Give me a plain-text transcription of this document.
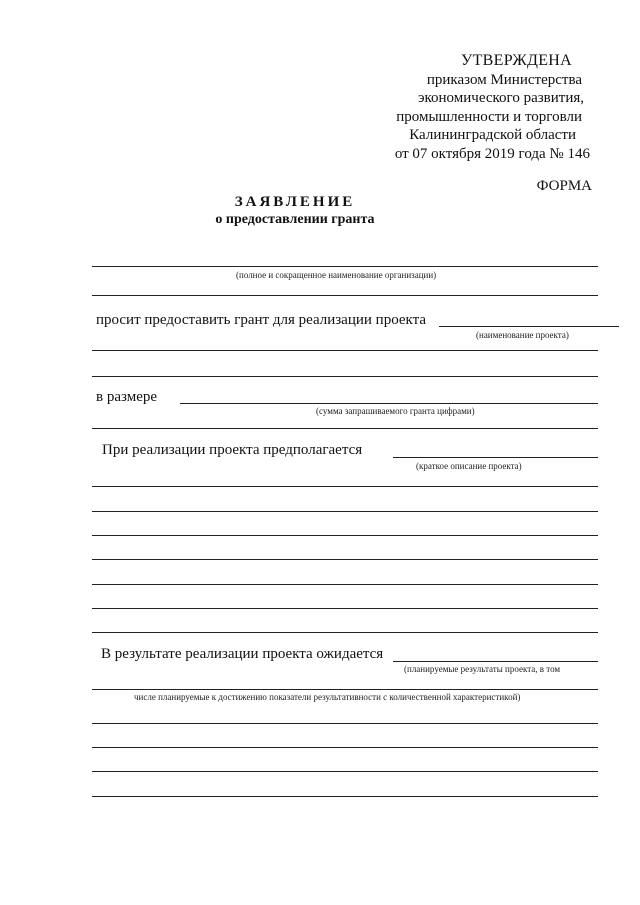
УТВЕРЖДЕНА
приказом Министерства
экономического развития,
промышленности и торговли
Калининградской области
от 07 октября 2019 года № 146
ФОРМА
ЗАЯВЛЕНИЕ
о предоставлении гранта
(полное и сокращенное наименование организации)
просит предоставить грант для реализации проекта
(наименование проекта)
в размере
(сумма запрашиваемого гранта цифрами)
При реализации проекта предполагается
(краткое описание проекта)
В результате реализации проекта ожидается
(планируемые результаты проекта, в том
числе планируемые к достижению показатели результативности с количественной характеристикой)
